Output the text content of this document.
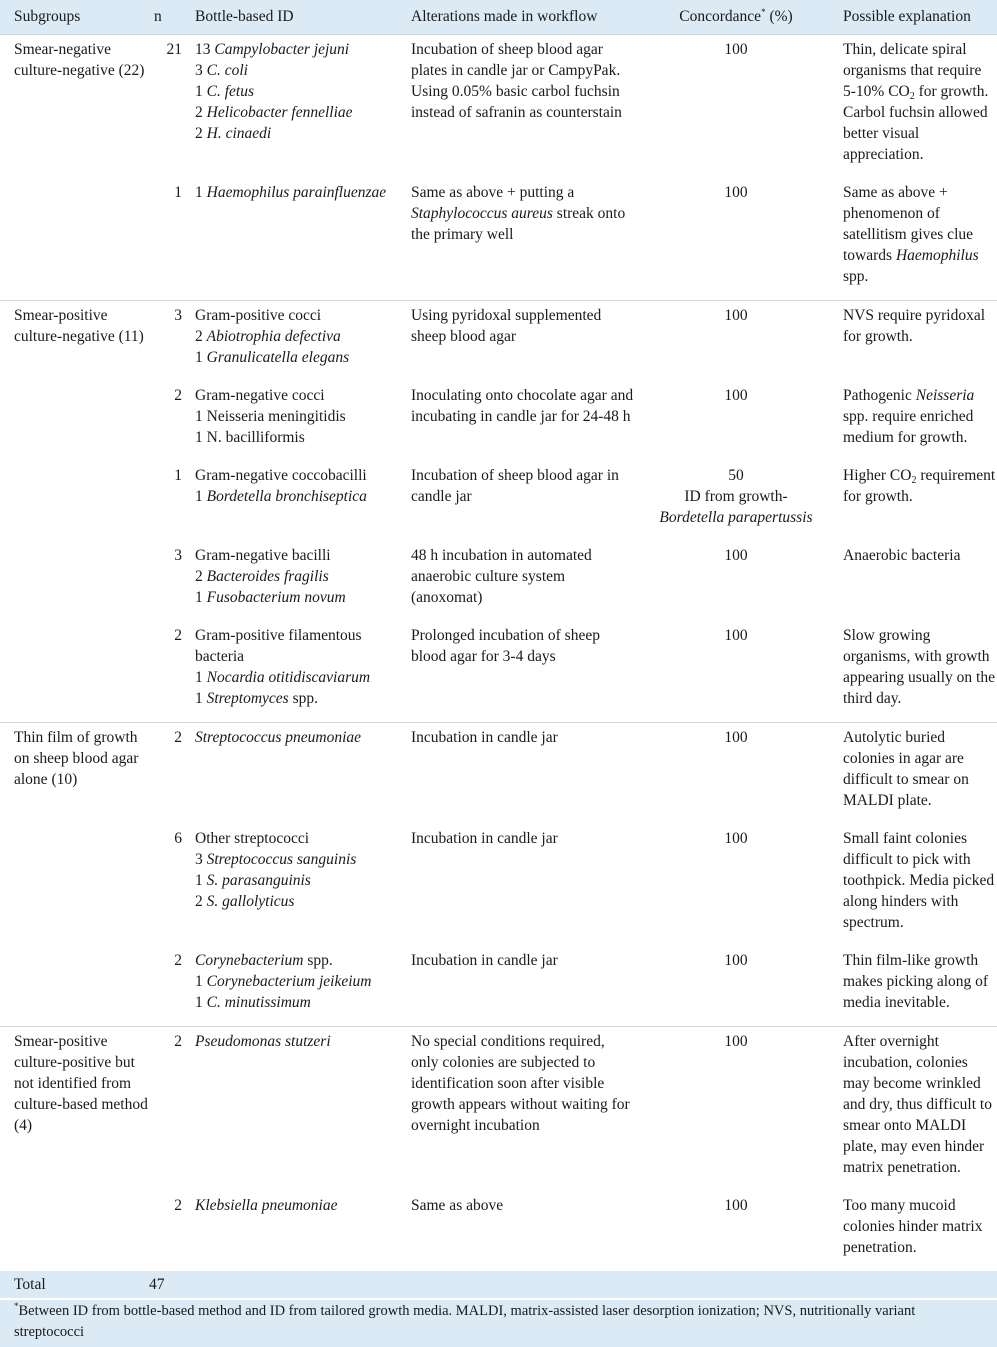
Subgroups	n	Bottle-based ID	Alterations made in workflow	Concordance* (%)	Possible explanation
Smear-negative culture-negative (22)	21	13 Campylobacter jejuni
3 C. coli
1 C. fetus
2 Helicobacter fennelliae
2 H. cinaedi	Incubation of sheep blood agar plates in candle jar or CampyPak. Using 0.05% basic carbol fuchsin instead of safranin as counterstain	100	Thin, delicate spiral organisms that require 5-10% $CO_2$ for growth. Carbol fuchsin allowed better visual appreciation.
	1	1 Haemophilus parainfluenzae	Same as above + putting a Staphylococcus aureus streak onto the primary well	100	Same as above + phenomenon of satellitism gives clue towards Haemophilus spp.
Smear-positive culture-negative (11)	3	Gram-positive cocci
2 Abiotrophia defectiva
1 Granulicatella elegans	Using pyridoxal supplemented sheep blood agar	100	NVS require pyridoxal for growth.
	2	Gram-negative cocci
1 Neisseria meningitidis
1 N. bacilliformis	Inoculating onto chocolate agar and incubating in candle jar for 24-48 h	100	Pathogenic Neisseria spp. require enriched medium for growth.
	1	Gram-negative coccobacilli
1 Bordetella bronchiseptica	Incubation of sheep blood agar in candle jar	50
ID from growth-
Bordetella parapertussis	Higher $CO_2$ requirement for growth.
	3	Gram-negative bacilli
2 Bacteroides fragilis
1 Fusobacterium novum	48 h incubation in automated anaerobic culture system (anoxomat)	100	Anaerobic bacteria
	2	Gram-positive filamentous bacteria
1 Nocardia otitidiscaviarum
1 Streptomyces spp.	Prolonged incubation of sheep blood agar for 3-4 days	100	Slow growing organisms, with growth appearing usually on the third day.
Thin film of growth on sheep blood agar alone (10)	2	Streptococcus pneumoniae	Incubation in candle jar	100	Autolytic buried colonies in agar are difficult to smear on MALDI plate.
	6	Other streptococci
3 Streptococcus sanguinis
1 S. parasanguinis
2 S. gallolyticus	Incubation in candle jar	100	Small faint colonies difficult to pick with toothpick. Media picked along hinders with spectrum.
	2	Corynebacterium spp.
1 Corynebacterium jeikeium
1 C. minutissimum	Incubation in candle jar	100	Thin film-like growth makes picking along of media inevitable.
Smear-positive culture-positive but not identified from culture-based method (4)	2	Pseudomonas stutzeri	No special conditions required, only colonies are subjected to identification soon after visible growth appears without waiting for overnight incubation	100	After overnight incubation, colonies may become wrinkled and dry, thus difficult to smear onto MALDI plate, may even hinder matrix penetration.
	2	Klebsiella pneumoniae	Same as above	100	Too many mucoid colonies hinder matrix penetration.
Total	47				
*Between ID from bottle-based method and ID from tailored growth media. MALDI, matrix-assisted laser desorption ionization; NVS, nutritionally variant streptococci
